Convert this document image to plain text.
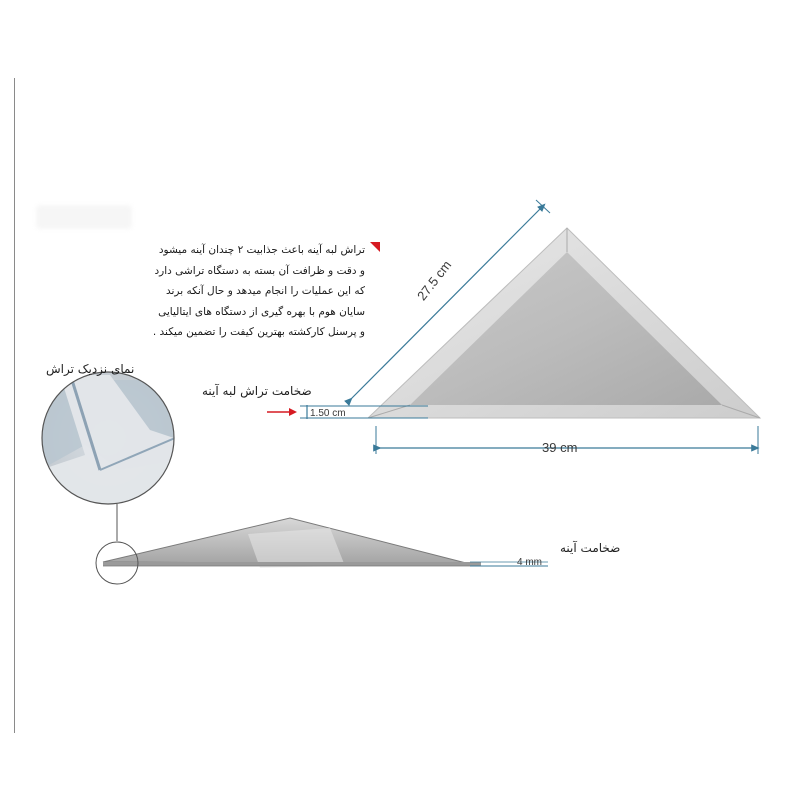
تراش لبه آینه باعث جذابیت ۲ چندان آینه میشود
و دقت و ظرافت آن بسته به دستگاه تراشی دارد
که این عملیات را انجام میدهد و حال آنکه برند
سایان هوم با بهره گیری از دستگاه های ایتالیایی
و پرسنل کارکشته بهترین کیفت را تضمین میکند .
نمای نزدیک تراش
ضخامت تراش لبه آینه
ضخامت آینه
27.5 cm
39 cm
1.50 cm
4 mm
